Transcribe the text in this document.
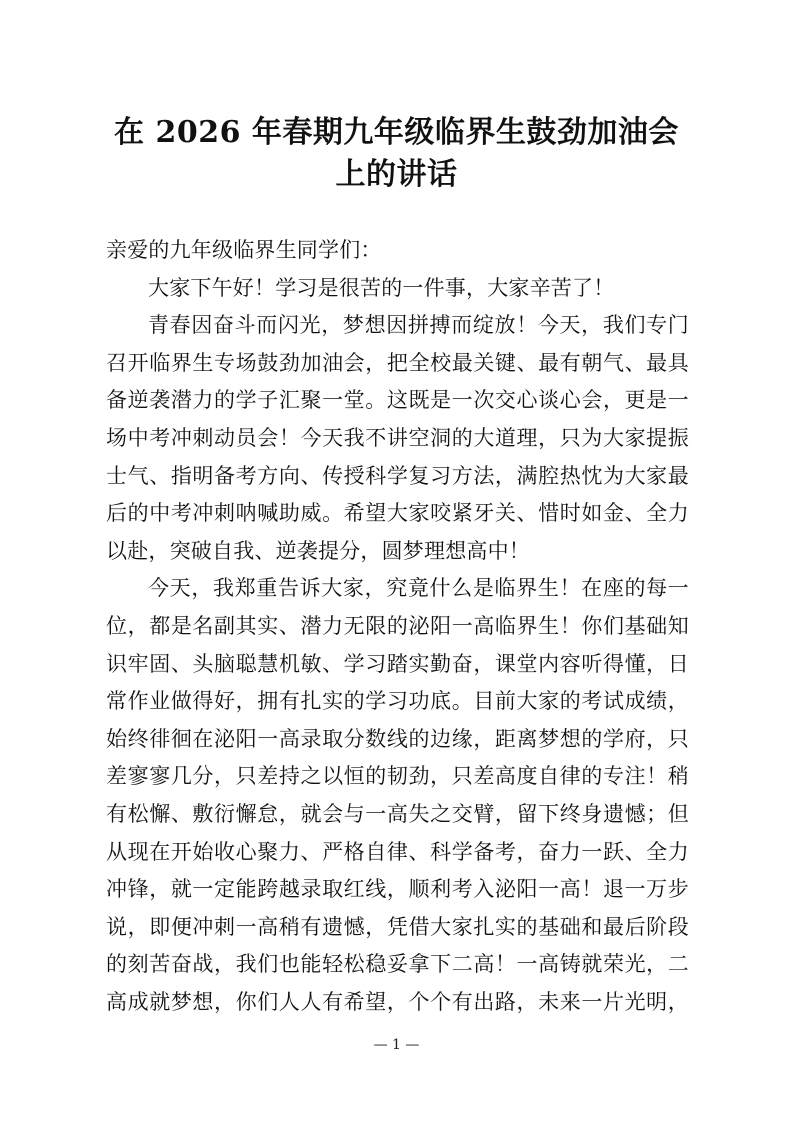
在 2026 年春期九年级临界生鼓劲加油会
上的讲话
亲爱的九年级临界生同学们：
大家下午好！学习是很苦的一件事，大家辛苦了！
青春因奋斗而闪光，梦想因拼搏而绽放！今天，我们专门
召开临界生专场鼓劲加油会，把全校最关键、最有朝气、最具
备逆袭潜力的学子汇聚一堂。这既是一次交心谈心会，更是一
场中考冲刺动员会！今天我不讲空洞的大道理，只为大家提振
士气、指明备考方向、传授科学复习方法，满腔热忱为大家最
后的中考冲刺呐喊助威。希望大家咬紧牙关、惜时如金、全力
以赴，突破自我、逆袭提分，圆梦理想高中！
今天，我郑重告诉大家，究竟什么是临界生！在座的每一
位，都是名副其实、潜力无限的泌阳一高临界生！你们基础知
识牢固、头脑聪慧机敏、学习踏实勤奋，课堂内容听得懂，日
常作业做得好，拥有扎实的学习功底。目前大家的考试成绩，
始终徘徊在泌阳一高录取分数线的边缘，距离梦想的学府，只
差寥寥几分，只差持之以恒的韧劲，只差高度自律的专注！稍
有松懈、敷衍懈怠，就会与一高失之交臂，留下终身遗憾；但
从现在开始收心聚力、严格自律、科学备考，奋力一跃、全力
冲锋，就一定能跨越录取红线，顺利考入泌阳一高！退一万步
说，即便冲刺一高稍有遗憾，凭借大家扎实的基础和最后阶段
的刻苦奋战，我们也能轻松稳妥拿下二高！一高铸就荣光，二
高成就梦想，你们人人有希望，个个有出路，未来一片光明，
— 1 —
